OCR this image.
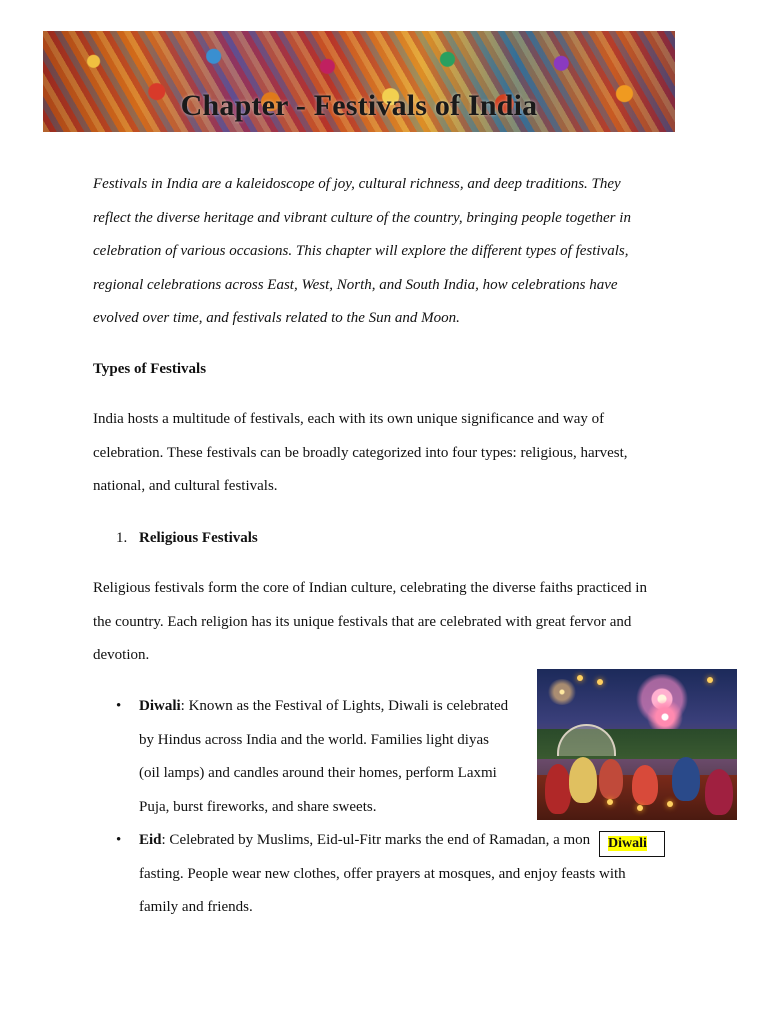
Chapter - Festivals of India
Festivals in India are a kaleidoscope of joy, cultural richness, and deep traditions. They
reflect the diverse heritage and vibrant culture of the country, bringing people together in
celebration of various occasions. This chapter will explore the different types of festivals,
regional celebrations across East, West, North, and South India, how celebrations have
evolved over time, and festivals related to the Sun and Moon.
Types of Festivals
India hosts a multitude of festivals, each with its own unique significance and way of
celebration. These festivals can be broadly categorized into four types: religious, harvest,
national, and cultural festivals.
1. Religious Festivals
Religious festivals form the core of Indian culture, celebrating the diverse faiths practiced in
the country. Each religion has its unique festivals that are celebrated with great fervor and
devotion.
• Diwali: Known as the Festival of Lights, Diwali is celebrated
by Hindus across India and the world. Families light diyas
(oil lamps) and candles around their homes, perform Laxmi
Puja, burst fireworks, and share sweets.
• Eid: Celebrated by Muslims, Eid-ul-Fitr marks the end of Ramadan, a mon
fasting. People wear new clothes, offer prayers at mosques, and enjoy feasts with
family and friends.
Diwali
